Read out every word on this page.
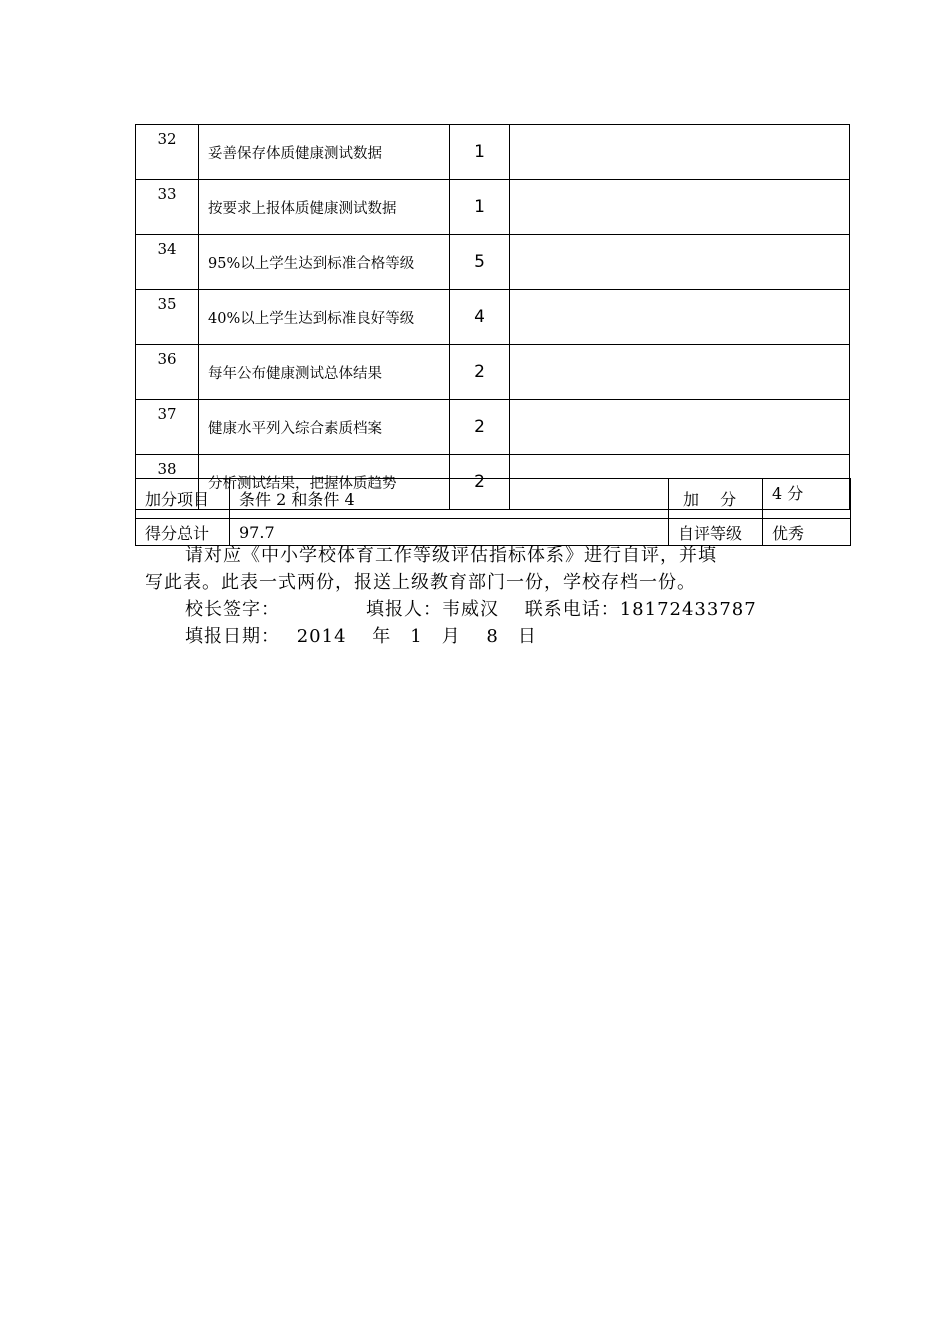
32	妥善保存体质健康测试数据	1	
33	按要求上报体质健康测试数据	1	
34	95%以上学生达到标准合格等级	5	
35	40%以上学生达到标准良好等级	4	
36	每年公布健康测试总体结果	2	
37	健康水平列入综合素质档案	2	
38	分析测试结果，把握体质趋势	2	
加分项目	条件 2 和条件 4	加　 分	4 分
得分总计	97.7	自评等级	优秀

　　请对应《中小学校体育工作等级评估指标体系》进行自评，并填

写此表。此表一式两份，报送上级教育部门一份，学校存档一份。

　　校长签字：　　　　　填报人：韦威汉　 联系电话：18172433787

　　填报日期：　 2014　 年　1　月　 8　日
